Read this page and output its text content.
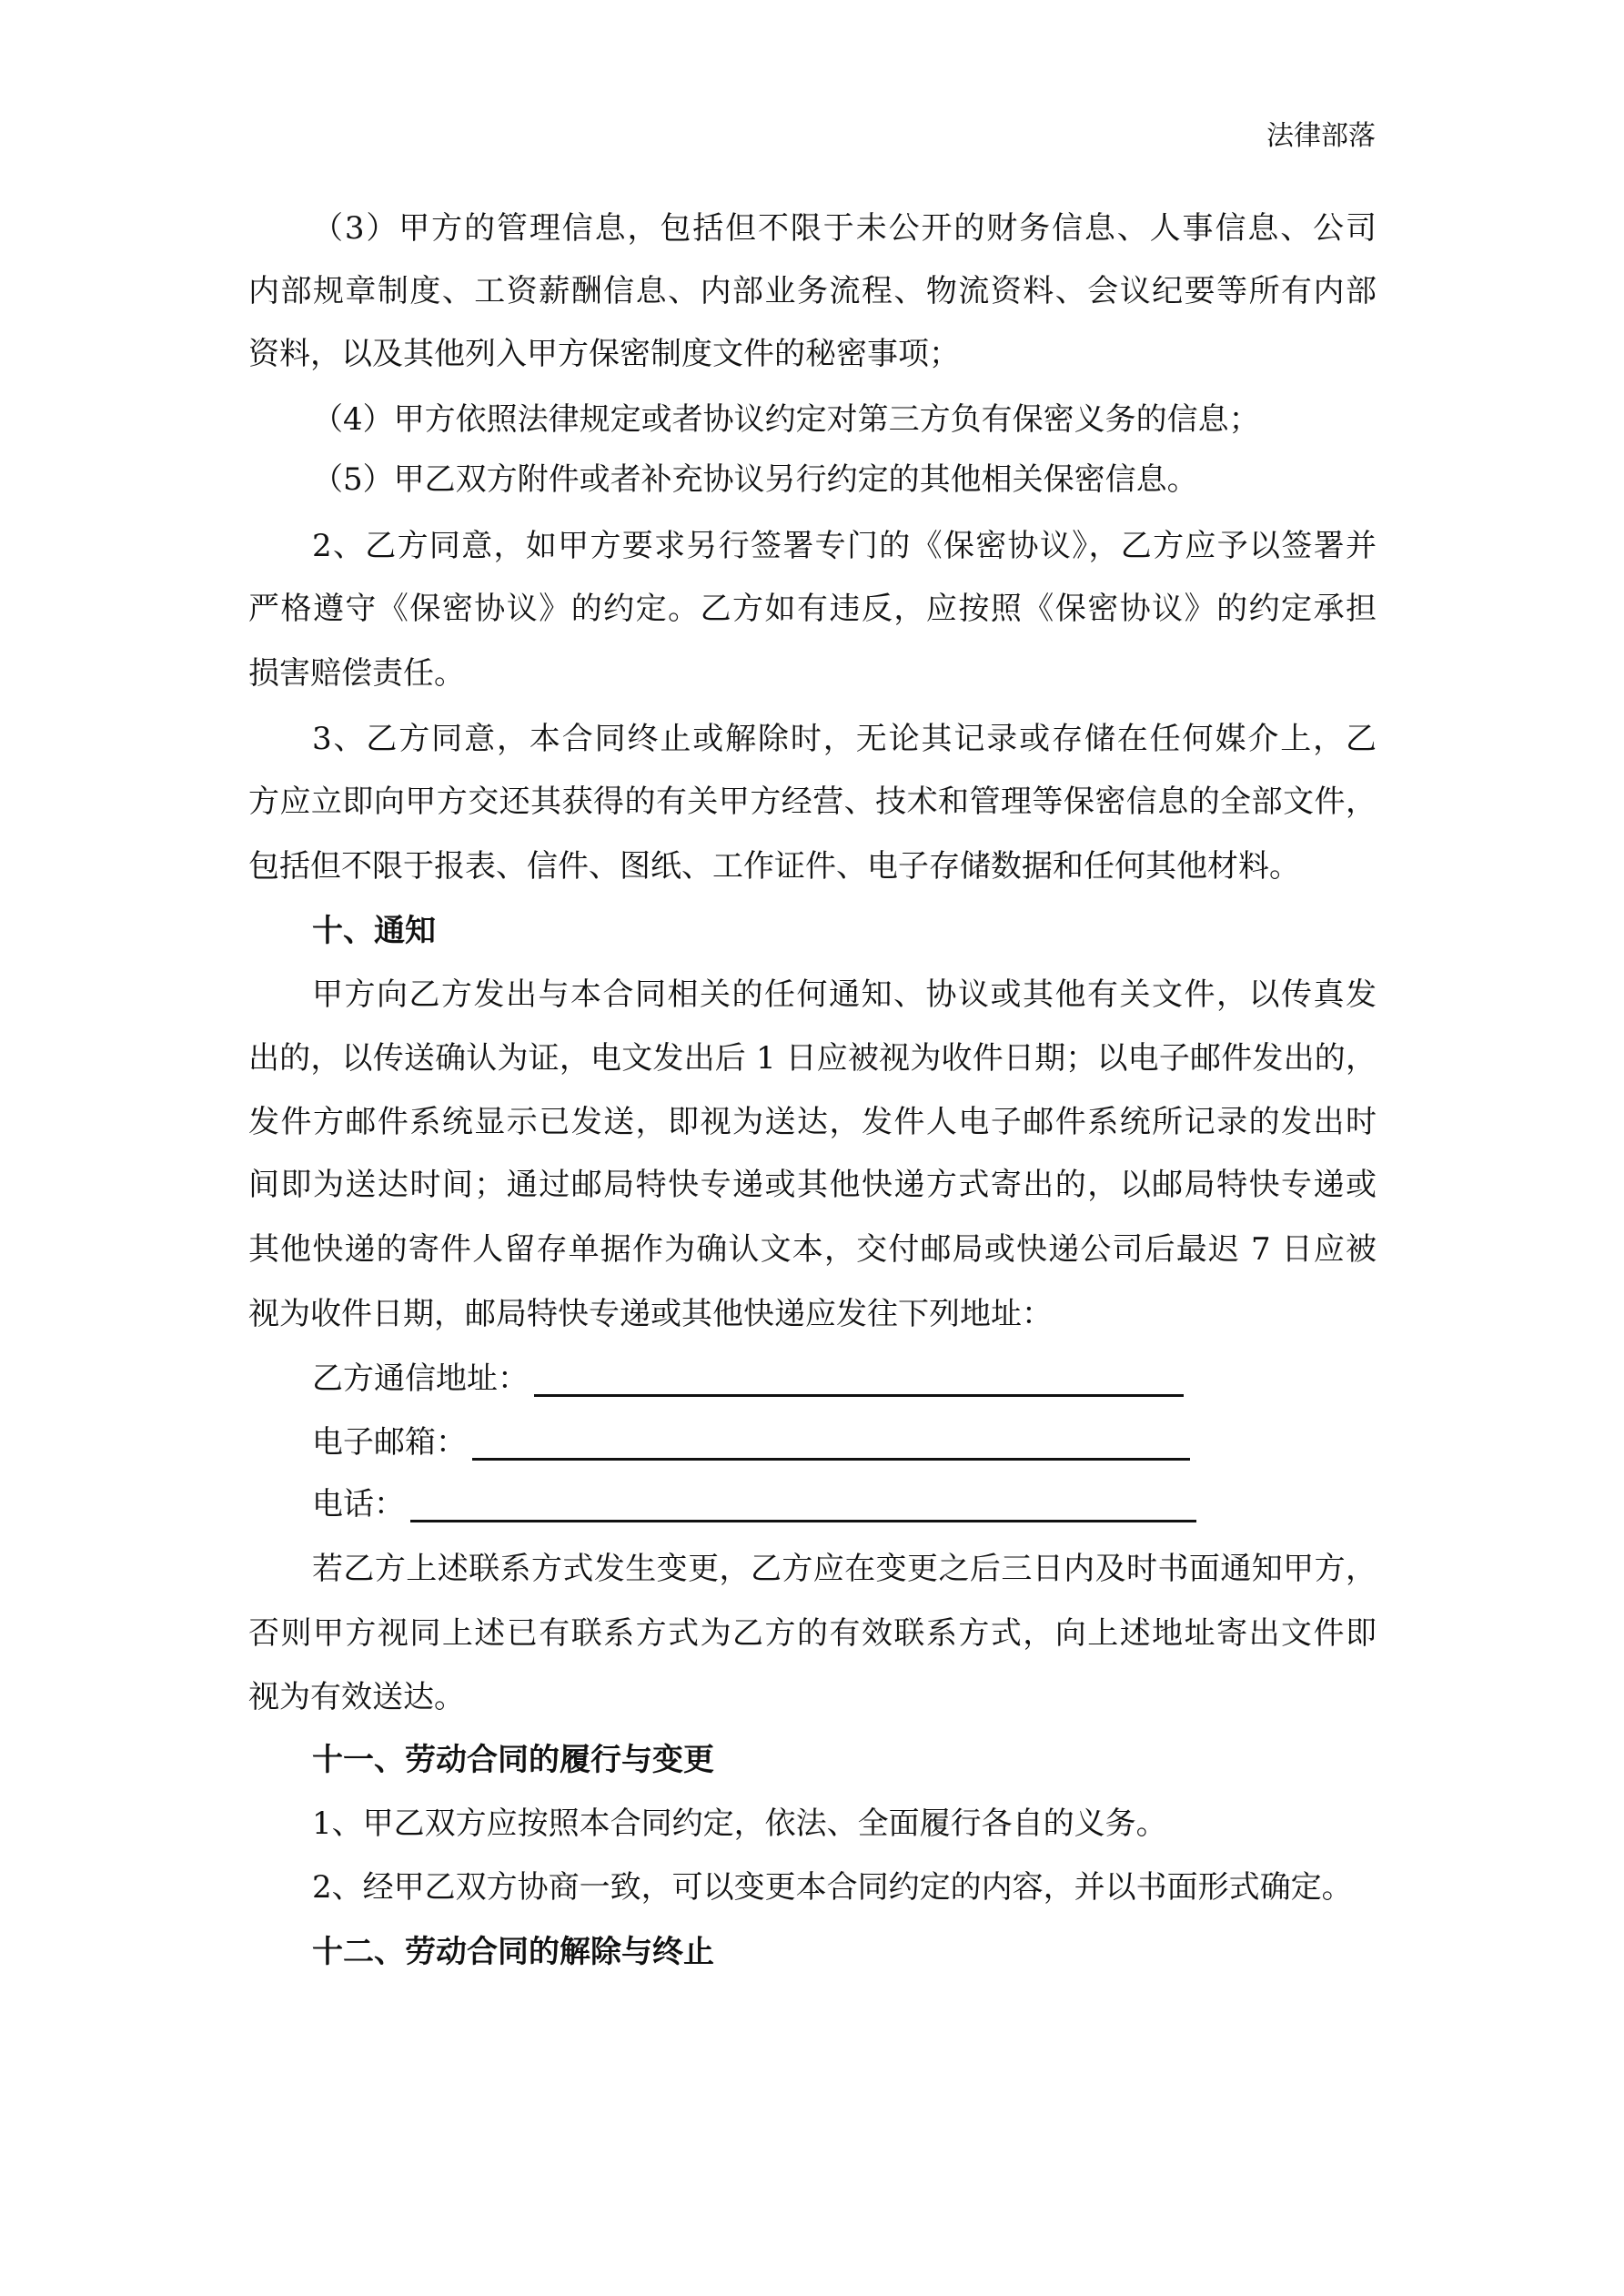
法律部落
（3）甲方的管理信息，包括但不限于未公开的财务信息、人事信息、公司
内部规章制度、工资薪酬信息、内部业务流程、物流资料、会议纪要等所有内部
资料，以及其他列入甲方保密制度文件的秘密事项；
（4）甲方依照法律规定或者协议约定对第三方负有保密义务的信息；
（5）甲乙双方附件或者补充协议另行约定的其他相关保密信息。
2、乙方同意，如甲方要求另行签署专门的《保密协议》，乙方应予以签署并
严格遵守《保密协议》的约定。乙方如有违反，应按照《保密协议》的约定承担
损害赔偿责任。
3、乙方同意，本合同终止或解除时，无论其记录或存储在任何媒介上，乙
方应立即向甲方交还其获得的有关甲方经营、技术和管理等保密信息的全部文件，
包括但不限于报表、信件、图纸、工作证件、电子存储数据和任何其他材料。
十、通知
甲方向乙方发出与本合同相关的任何通知、协议或其他有关文件，以传真发
出的，以传送确认为证，电文发出后 1 日应被视为收件日期；以电子邮件发出的，
发件方邮件系统显示已发送，即视为送达，发件人电子邮件系统所记录的发出时
间即为送达时间；通过邮局特快专递或其他快递方式寄出的，以邮局特快专递或
其他快递的寄件人留存单据作为确认文本，交付邮局或快递公司后最迟 7 日应被
视为收件日期，邮局特快专递或其他快递应发往下列地址：
乙方通信地址：
电子邮箱：
电话：
若乙方上述联系方式发生变更，乙方应在变更之后三日内及时书面通知甲方，
否则甲方视同上述已有联系方式为乙方的有效联系方式，向上述地址寄出文件即
视为有效送达。
十一、劳动合同的履行与变更
1、甲乙双方应按照本合同约定，依法、全面履行各自的义务。
2、经甲乙双方协商一致，可以变更本合同约定的内容，并以书面形式确定。
十二、劳动合同的解除与终止
